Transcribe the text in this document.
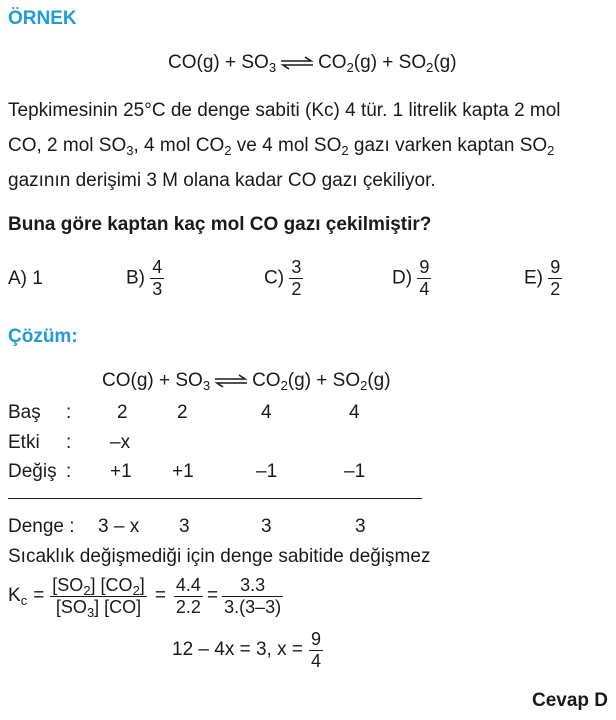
ÖRNEK
$CO(g) + SO_3$ ⇌ $CO_2(g) + SO_2(g)$
Tepkimesinin 25°C de denge sabiti (Kc) 4 tür. 1 litrelik kapta 2 mol
CO, 2 mol $SO_3$, 4 mol $CO_2$ ve 4 mol $SO_2$ gazı varken kaptan $SO_2$
gazının derişimi 3 M olana kadar CO gazı çekiliyor.
Buna göre kaptan kaç mol CO gazı çekilmiştir?
A) 1	$B) \frac{4}{3}$	$C) \frac{3}{2}$	$D) \frac{9}{4}$	$E) \frac{9}{2}$
Çözüm:
$CO(g) + SO_3$ ⇌ $CO_2(g) + SO_2(g)$
Baş : 2	2	4	4
Etki : –x
Değiş : +1 +1	–1	–1
Denge : 3 – x 3	3	3
Sıcaklık değişmediği için denge sabitide değişmez
$K_c = \frac{[SO_2] [CO_2]}{[SO_3] [CO]} = \frac{4.4}{2.2} = \frac{3.3}{3.(3-3)}$
12 – 4x = 3, $x = \frac{9}{4}$
Cevap D
